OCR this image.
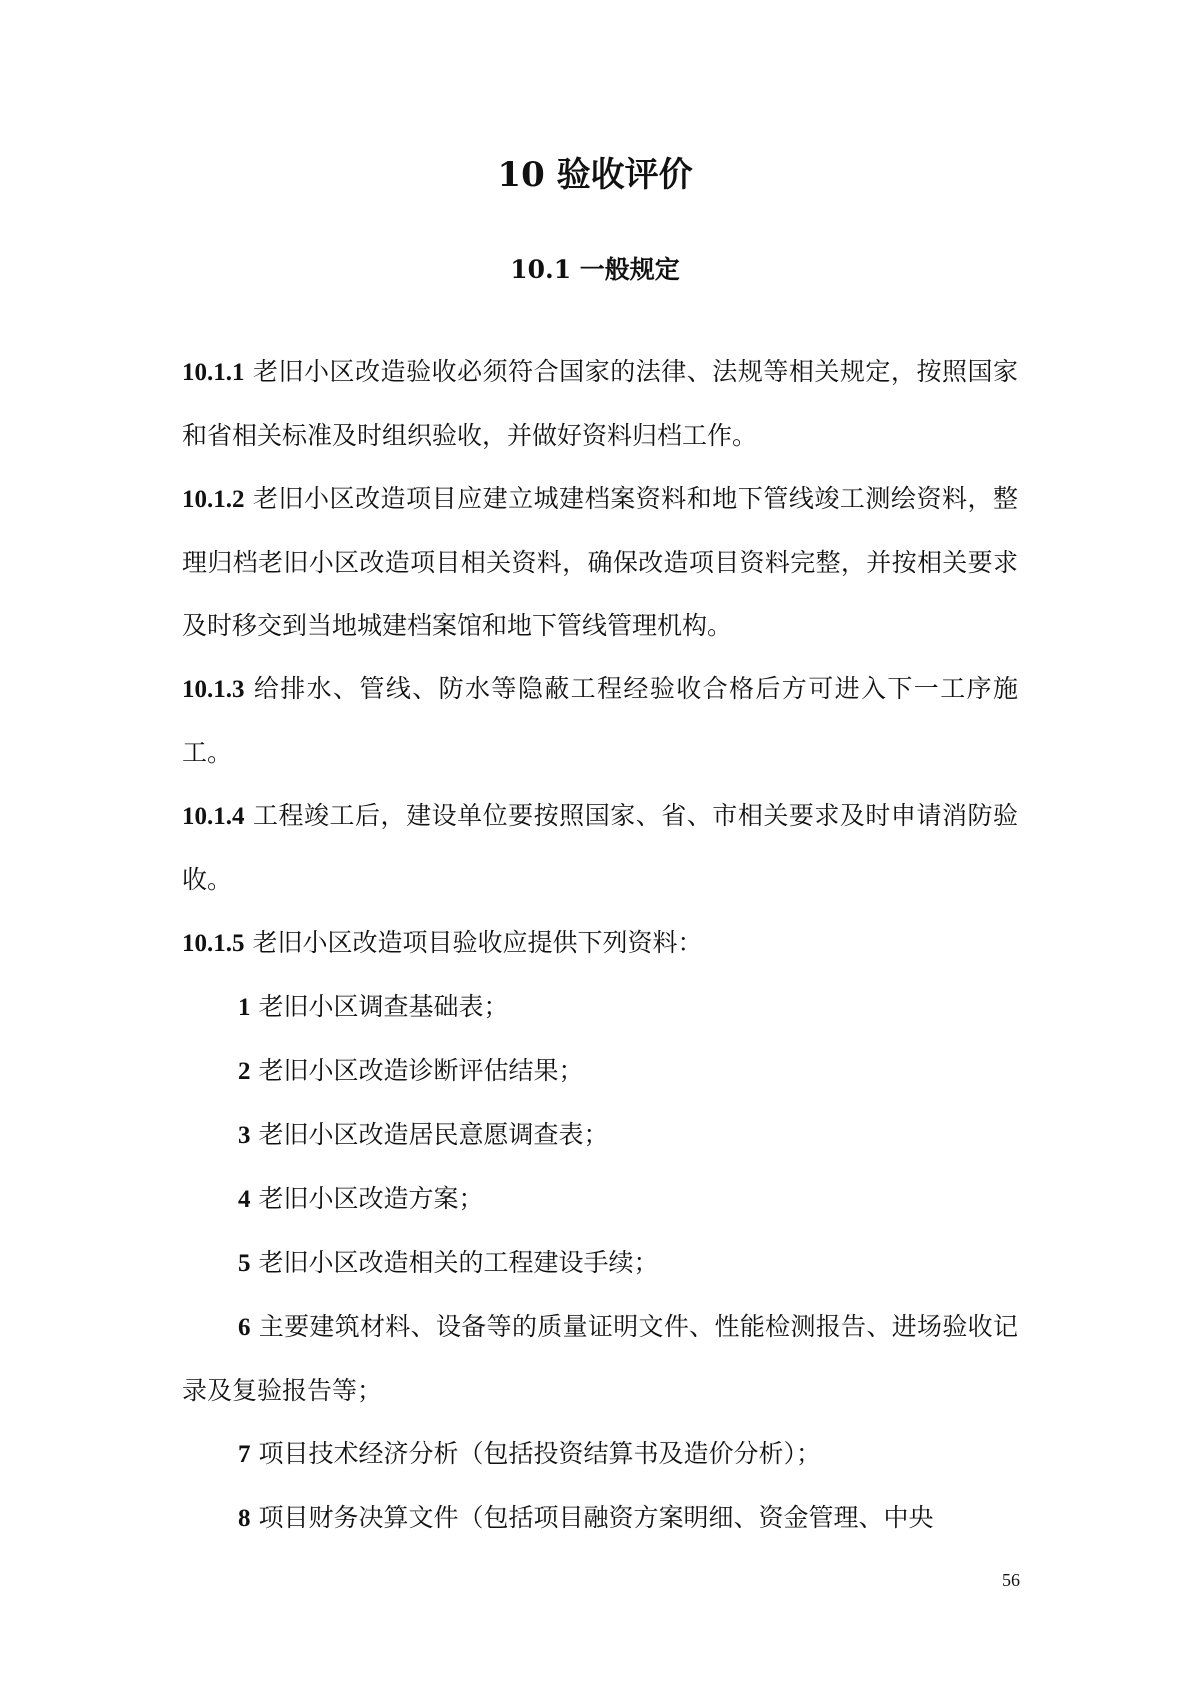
10 验收评价
10.1 一般规定

10.1.1 老旧小区改造验收必须符合国家的法律、法规等相关规定，按照国家和省相关标准及时组织验收，并做好资料归档工作。

10.1.2 老旧小区改造项目应建立城建档案资料和地下管线竣工测绘资料，整理归档老旧小区改造项目相关资料，确保改造项目资料完整，并按相关要求及时移交到当地城建档案馆和地下管线管理机构。

10.1.3 给排水、管线、防水等隐蔽工程经验收合格后方可进入下一工序施工。

10.1.4 工程竣工后，建设单位要按照国家、省、市相关要求及时申请消防验收。

10.1.5 老旧小区改造项目验收应提供下列资料：

1 老旧小区调查基础表；

2 老旧小区改造诊断评估结果；

3 老旧小区改造居民意愿调查表；

4 老旧小区改造方案；

5 老旧小区改造相关的工程建设手续；

6 主要建筑材料、设备等的质量证明文件、性能检测报告、进场验收记录及复验报告等；

7 项目技术经济分析（包括投资结算书及造价分析）；

8 项目财务决算文件（包括项目融资方案明细、资金管理、中央

56
